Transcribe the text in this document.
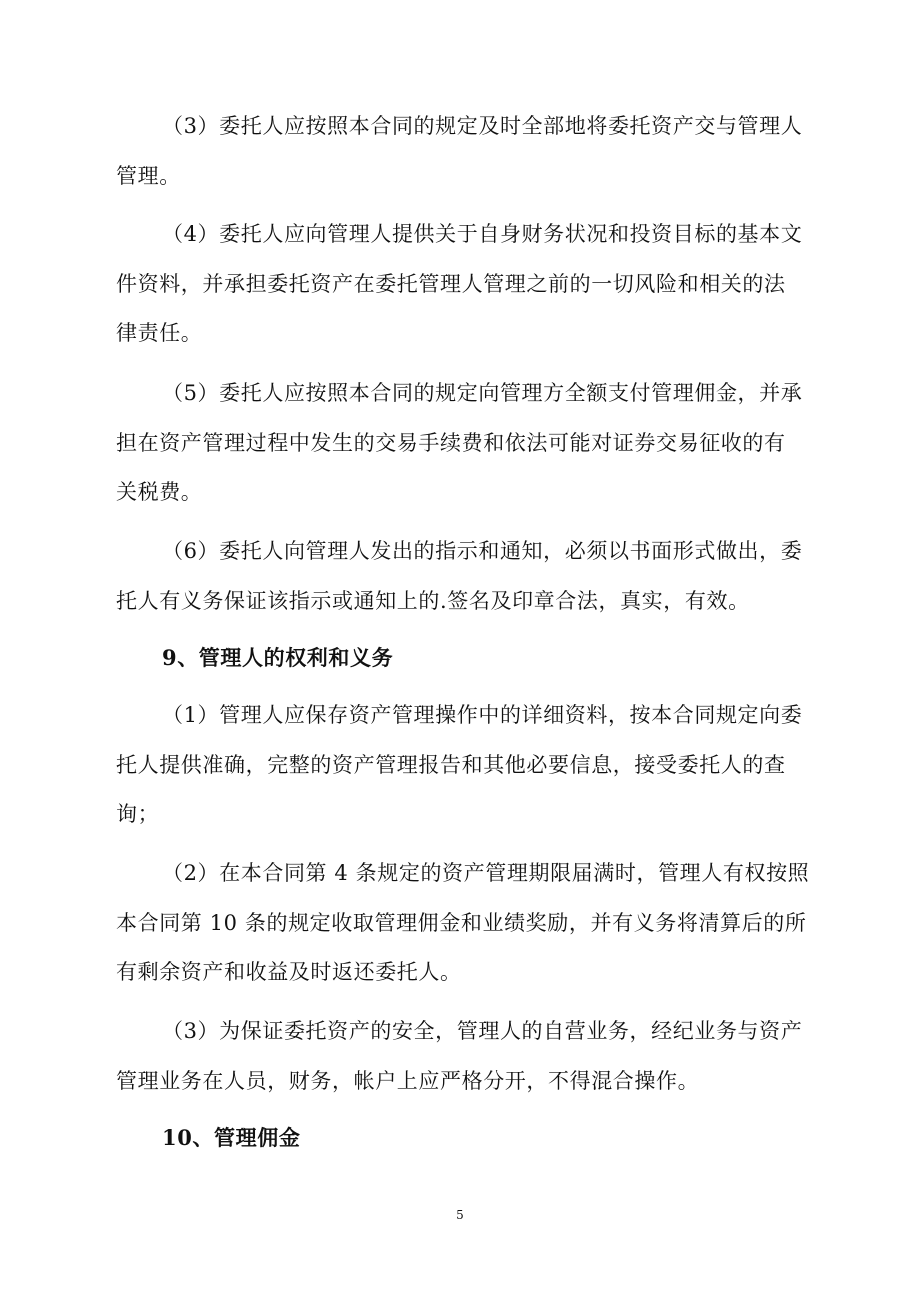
（3）委托人应按照本合同的规定及时全部地将委托资产交与管理人
管理。
（4）委托人应向管理人提供关于自身财务状况和投资目标的基本文
件资料，并承担委托资产在委托管理人管理之前的一切风险和相关的法
律责任。
（5）委托人应按照本合同的规定向管理方全额支付管理佣金，并承
担在资产管理过程中发生的交易手续费和依法可能对证券交易征收的有
关税费。
（6）委托人向管理人发出的指示和通知，必须以书面形式做出，委
托人有义务保证该指示或通知上的.签名及印章合法，真实，有效。
9、管理人的权利和义务
（1）管理人应保存资产管理操作中的详细资料，按本合同规定向委
托人提供准确，完整的资产管理报告和其他必要信息，接受委托人的查
询；
（2）在本合同第 4 条规定的资产管理期限届满时，管理人有权按照
本合同第 10 条的规定收取管理佣金和业绩奖励，并有义务将清算后的所
有剩余资产和收益及时返还委托人。
（3）为保证委托资产的安全，管理人的自营业务，经纪业务与资产
管理业务在人员，财务，帐户上应严格分开，不得混合操作。
10、管理佣金
5
